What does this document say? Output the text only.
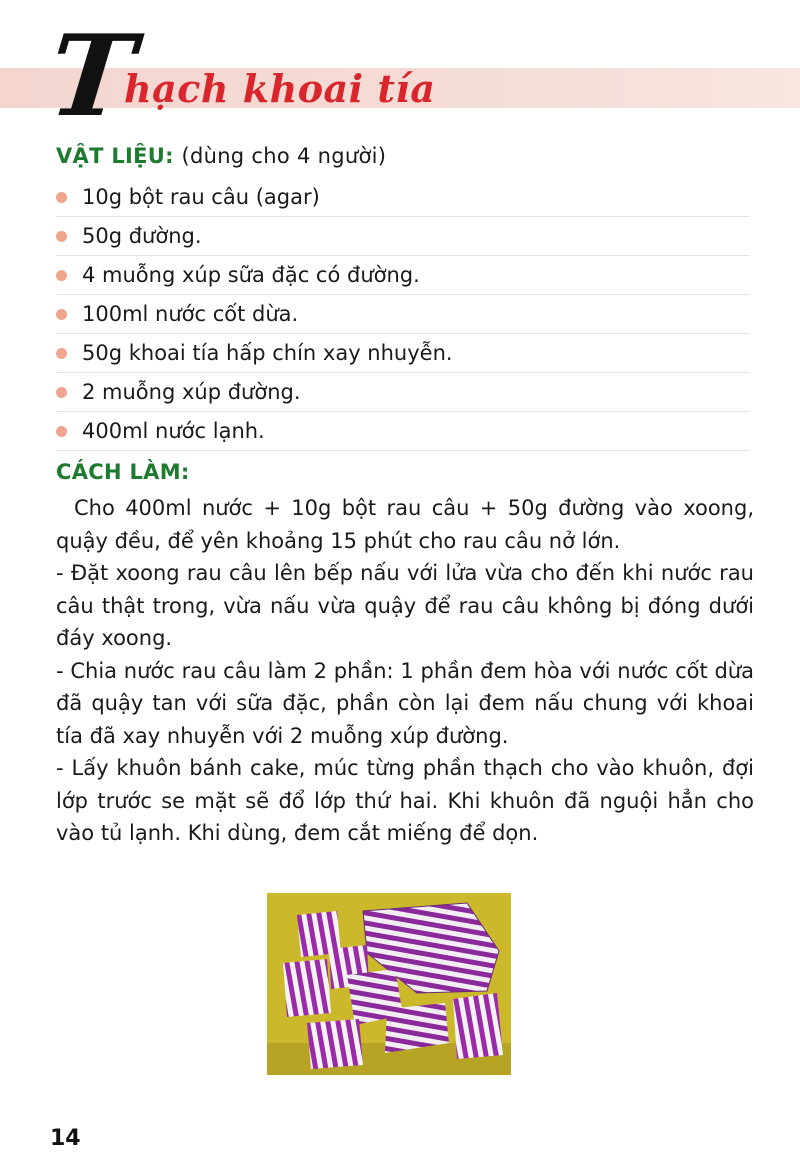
T
hạch khoai tía
VẬT LIỆU: (dùng cho 4 người)
10g bột rau câu (agar)
50g đường.
4 muỗng xúp sữa đặc có đường.
100ml nước cốt dừa.
50g khoai tía hấp chín xay nhuyễn.
2 muỗng xúp đường.
400ml nước lạnh.
CÁCH LÀM:

Cho 400ml nước + 10g bột rau câu + 50g đường vào xoong, quậy đều, để yên khoảng 15 phút cho rau câu nở lớn.

- Đặt xoong rau câu lên bếp nấu với lửa vừa cho đến khi nước rau câu thật trong, vừa nấu vừa quậy để rau câu không bị đóng dưới đáy xoong.

- Chia nước rau câu làm 2 phần: 1 phần đem hòa với nước cốt dừa đã quậy tan với sữa đặc, phần còn lại đem nấu chung với khoai tía đã xay nhuyễn với 2 muỗng xúp đường.

- Lấy khuôn bánh cake, múc từng phần thạch cho vào khuôn, đợi lớp trước se mặt sẽ đổ lớp thứ hai. Khi khuôn đã nguội hẳn cho vào tủ lạnh. Khi dùng, đem cắt miếng để dọn.

14
